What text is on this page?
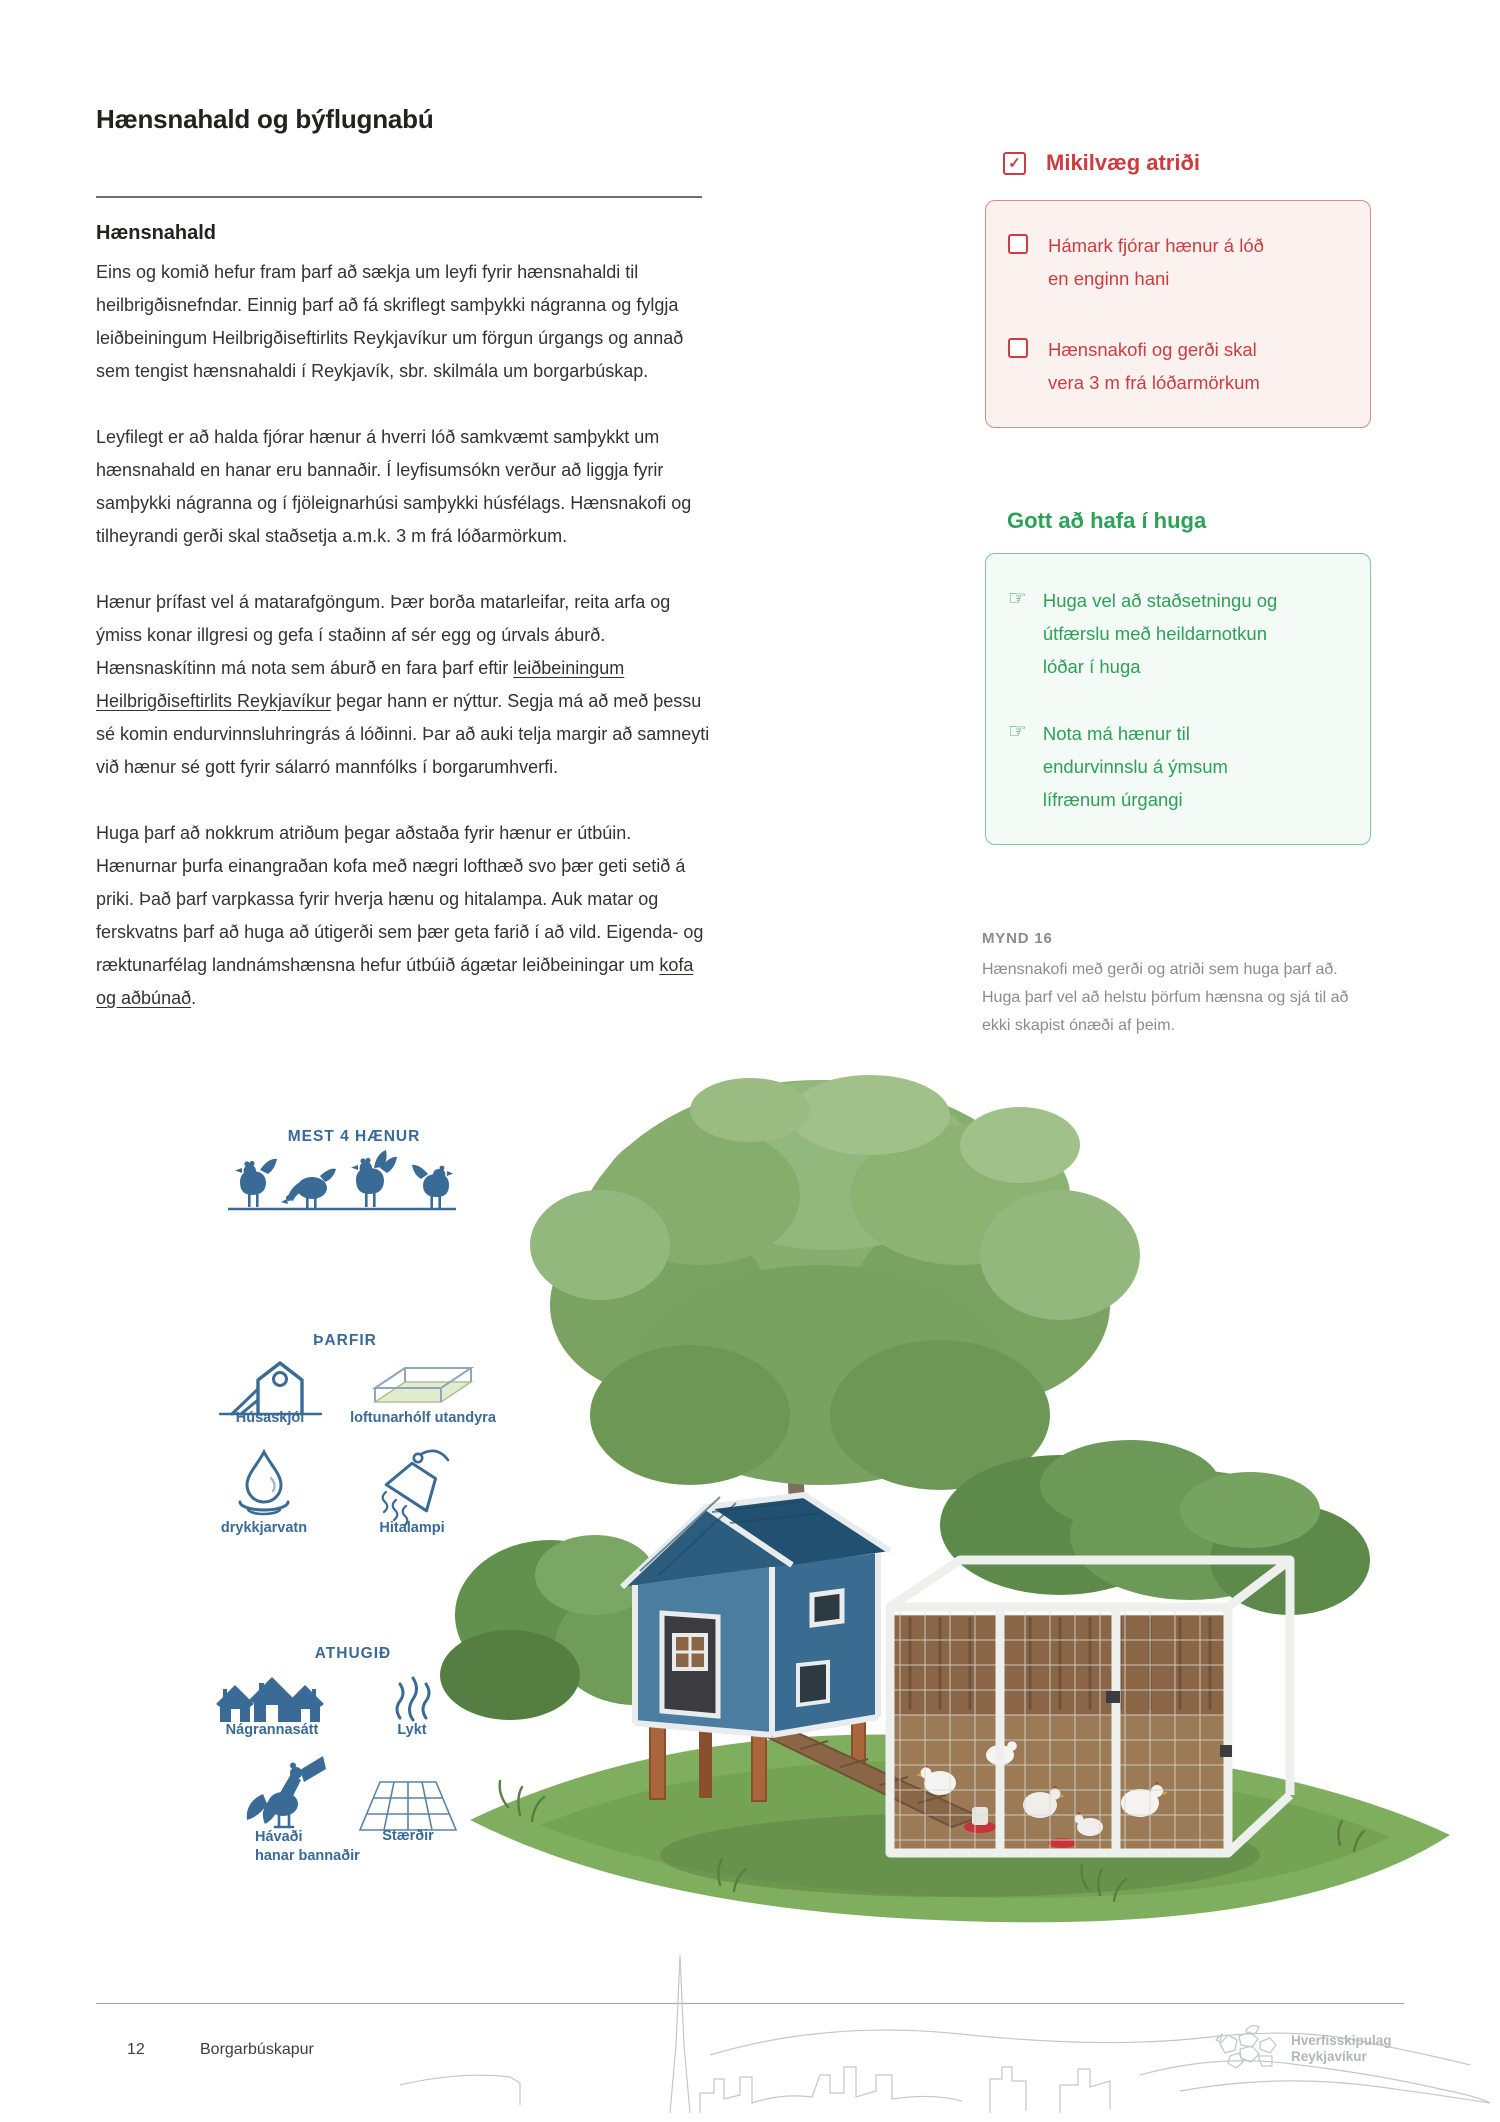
Hænsnahald og býflugnabú
Hænsnahald

Eins og komið hefur fram þarf að sækja um leyfi fyrir hænsnahaldi til heilbrigðisnefndar. Einnig þarf að fá skriflegt samþykki nágranna og fylgja leiðbeiningum Heilbrigðiseftirlits Reykjavíkur um förgun úrgangs og annað sem tengist hænsnahaldi í Reykjavík, sbr. skilmála um borgarbúskap.

Leyfilegt er að halda fjórar hænur á hverri lóð samkvæmt samþykkt um hænsnahald en hanar eru bannaðir. Í leyfisumsókn verður að liggja fyrir samþykki nágranna og í fjöleignarhúsi samþykki húsfélags. Hænsnakofi og tilheyrandi gerði skal staðsetja a.m.k. 3 m frá lóðarmörkum.

Hænur þrífast vel á matarafgöngum. Þær borða matarleifar, reita arfa og ýmiss konar illgresi og gefa í staðinn af sér egg og úrvals áburð. Hænsnaskítinn má nota sem áburð en fara þarf eftir leiðbeiningum Heilbrigðiseftirlits Reykjavíkur þegar hann er nýttur. Segja má að með þessu sé komin endurvinnsluhringrás á lóðinni. Þar að auki telja margir að samneyti við hænur sé gott fyrir sálarró mannfólks í borgarumhverfi.

Huga þarf að nokkrum atriðum þegar aðstaða fyrir hænur er útbúin. Hænurnar þurfa einangraðan kofa með nægri lofthæð svo þær geti setið á priki. Það þarf varpkassa fyrir hverja hænu og hitalampa. Auk matar og ferskvatns þarf að huga að útigerði sem þær geta farið í að vild. Eigenda- og ræktunarfélag landnámshænsna hefur útbúið ágætar leiðbeiningar um kofa og aðbúnað.

✓ Mikilvæg atriði
Hámark fjórar hænur á lóð en enginn hani
Hænsnakofi og gerði skal vera 3 m frá lóðarmörkum
Gott að hafa í huga
☞ Huga vel að staðsetningu og útfærslu með heildarnotkun lóðar í huga
☞ Nota má hænur til endurvinnslu á ýmsum lífrænum úrgangi
MYND 16
Hænsnakofi með gerði og atriði sem huga þarf að. Huga þarf vel að helstu þörfum hænsna og sjá til að ekki skapist ónæði af þeim.
MEST 4 HÆNUR
ÞARFIR
Húsaskjól	loftunarhólf utandyra
drykkjarvatn	Hitalampi
ATHUGIÐ
Nágrannasátt	Lykt
Hávaði
hanar bannaðir
Stærðir
12	Borgarbúskapur
Hverfisskipulag
Reykjavíkur
